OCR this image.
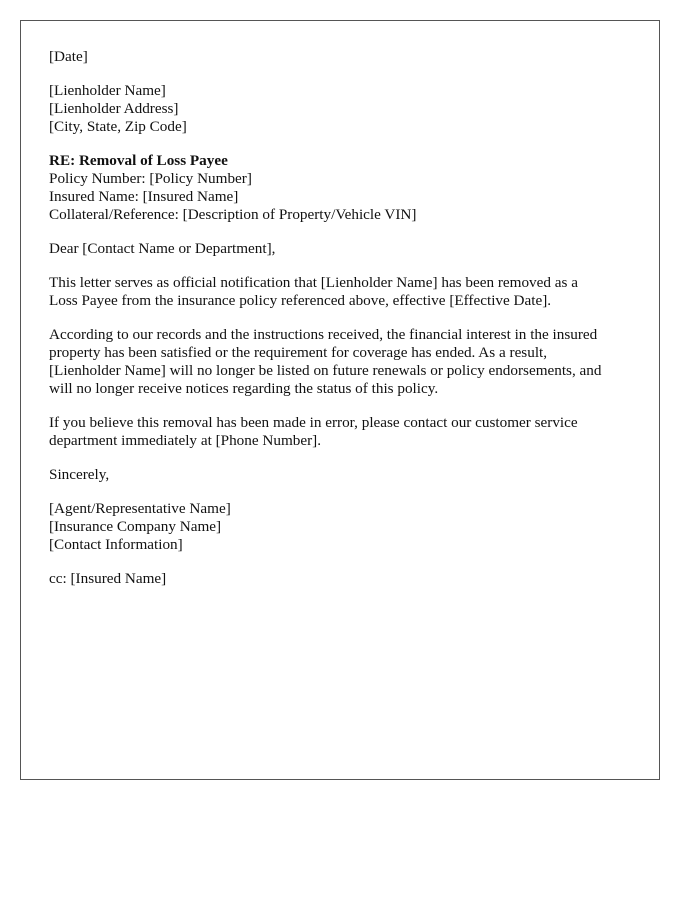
[Date]
[Lienholder Name]
[Lienholder Address]
[City, State, Zip Code]
RE: Removal of Loss Payee
Policy Number: [Policy Number]
Insured Name: [Insured Name]
Collateral/Reference: [Description of Property/Vehicle VIN]
Dear [Contact Name or Department],
This letter serves as official notification that [Lienholder Name] has been removed as a
Loss Payee from the insurance policy referenced above, effective [Effective Date].
According to our records and the instructions received, the financial interest in the insured
property has been satisfied or the requirement for coverage has ended. As a result,
[Lienholder Name] will no longer be listed on future renewals or policy endorsements, and
will no longer receive notices regarding the status of this policy.
If you believe this removal has been made in error, please contact our customer service
department immediately at [Phone Number].
Sincerely,
[Agent/Representative Name]
[Insurance Company Name]
[Contact Information]
cc: [Insured Name]
